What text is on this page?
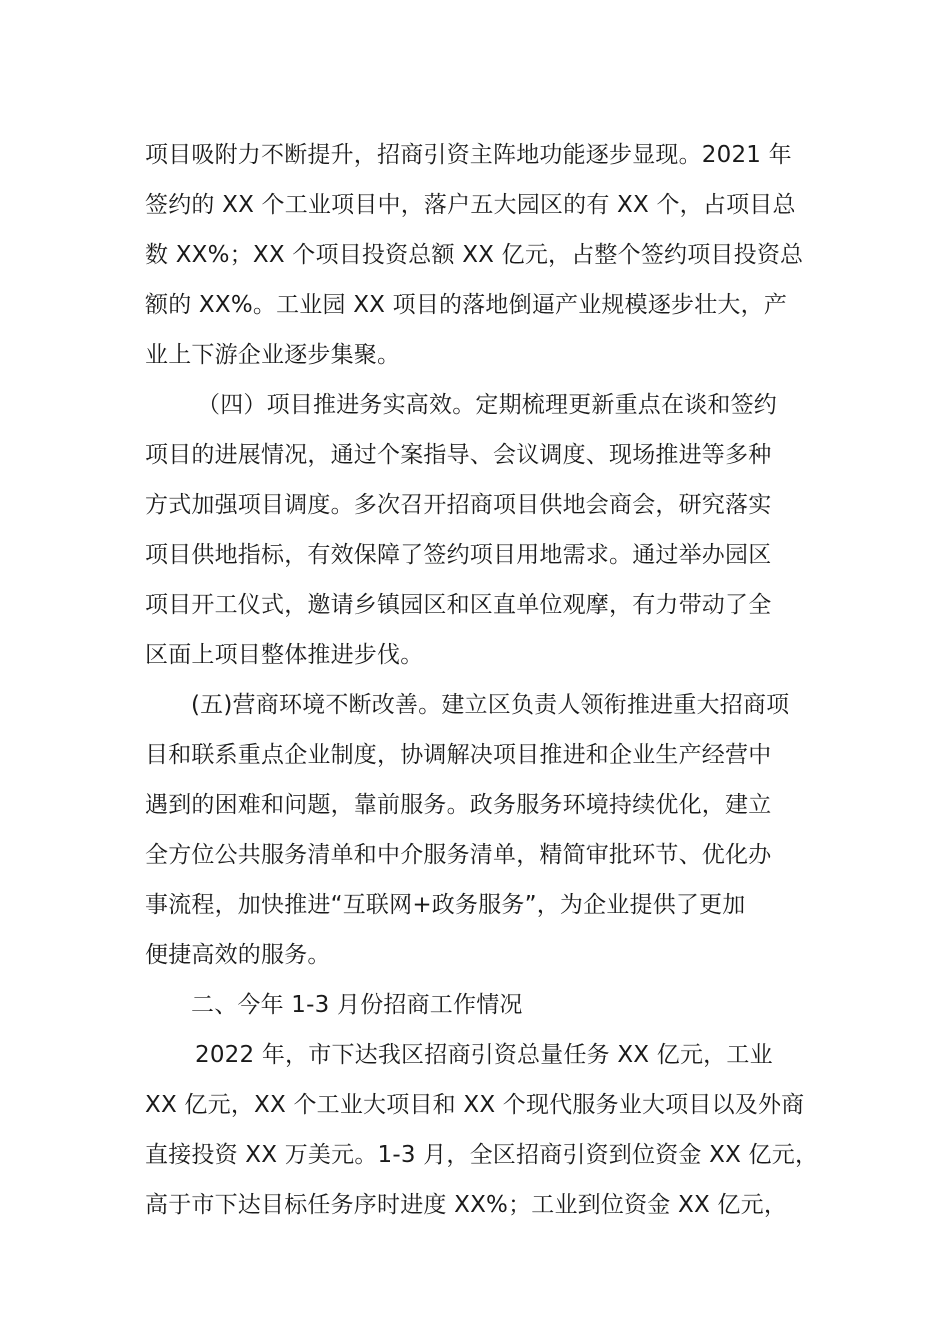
项目吸附力不断提升，招商引资主阵地功能逐步显现。2021 年
签约的 XX 个工业项目中，落户五大园区的有 XX 个，占项目总
数 XX%；XX 个项目投资总额 XX 亿元，占整个签约项目投资总
额的 XX%。工业园 XX 项目的落地倒逼产业规模逐步壮大，产
业上下游企业逐步集聚。
（四）项目推进务实高效。定期梳理更新重点在谈和签约
项目的进展情况，通过个案指导、会议调度、现场推进等多种
方式加强项目调度。多次召开招商项目供地会商会，研究落实
项目供地指标，有效保障了签约项目用地需求。通过举办园区
项目开工仪式，邀请乡镇园区和区直单位观摩，有力带动了全
区面上项目整体推进步伐。
(五)营商环境不断改善。建立区负责人领衔推进重大招商项
目和联系重点企业制度，协调解决项目推进和企业生产经营中
遇到的困难和问题，靠前服务。政务服务环境持续优化，建立
全方位公共服务清单和中介服务清单，精简审批环节、优化办
事流程，加快推进“互联网+政务服务”，为企业提供了更加
便捷高效的服务。
二、今年 1-3 月份招商工作情况
2022 年，市下达我区招商引资总量任务 XX 亿元，工业
XX 亿元，XX 个工业大项目和 XX 个现代服务业大项目以及外商
直接投资 XX 万美元。1-3 月，全区招商引资到位资金 XX 亿元，
高于市下达目标任务序时进度 XX%；工业到位资金 XX 亿元，
